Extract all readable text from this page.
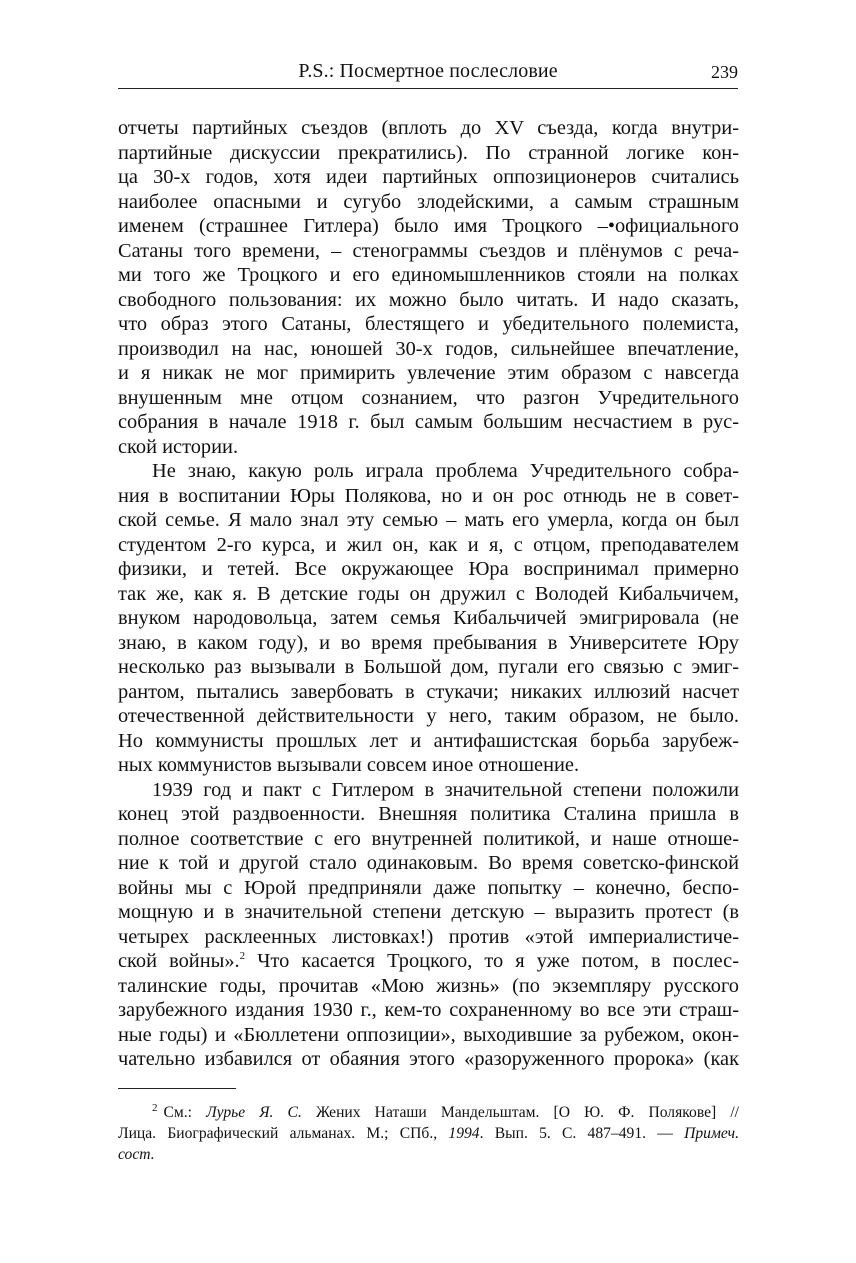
P.S.: Посмертное послесловие	239
отчеты партийных съездов (вплоть до XV съезда, когда внутри-
партийные дискуссии прекратились). По странной логике кон-
ца 30-х годов, хотя идеи партийных оппозиционеров считались
наиболее опасными и сугубо злодейскими, а самым страшным
именем (страшнее Гитлера) было имя Троцкого –•официального
Сатаны того времени, – стенограммы съездов и плёнумов с реча-
ми того же Троцкого и его единомышленников стояли на полках
свободного пользования: их можно было читать. И надо сказать,
что образ этого Сатаны, блестящего и убедительного полемиста,
производил на нас, юношей 30-х годов, сильнейшее впечатление,
и я никак не мог примирить увлечение этим образом с навсегда
внушенным мне отцом сознанием, что разгон Учредительного
собрания в начале 1918 г. был самым большим несчастием в рус-
ской истории.
Не знаю, какую роль играла проблема Учредительного собра-
ния в воспитании Юры Полякова, но и он рос отнюдь не в совет-
ской семье. Я мало знал эту семью – мать его умерла, когда он был
студентом 2-го курса, и жил он, как и я, с отцом, преподавателем
физики, и тетей. Все окружающее Юра воспринимал примерно
так же, как я. В детские годы он дружил с Володей Кибальчичем,
внуком народовольца, затем семья Кибальчичей эмигрировала (не
знаю, в каком году), и во время пребывания в Университете Юру
несколько раз вызывали в Большой дом, пугали его связью с эмиг-
рантом, пытались завербовать в стукачи; никаких иллюзий насчет
отечественной действительности у него, таким образом, не было.
Но коммунисты прошлых лет и антифашистская борьба зарубеж-
ных коммунистов вызывали совсем иное отношение.
1939 год и пакт с Гитлером в значительной степени положили
конец этой раздвоенности. Внешняя политика Сталина пришла в
полное соответствие с его внутренней политикой, и наше отноше-
ние к той и другой стало одинаковым. Во время советско-финской
войны мы с Юрой предприняли даже попытку – конечно, беспо-
мощную и в значительной степени детскую – выразить протест (в
четырех расклеенных листовках!) против «этой империалистиче-
ской войны».$^2$ Что касается Троцкого, то я уже потом, в послес-
талинские годы, прочитав «Мою жизнь» (по экземпляру русского
зарубежного издания 1930 г., кем-то сохраненному во все эти страш-
ные годы) и «Бюллетени оппозиции», выходившие за рубежом, окон-
чательно избавился от обаяния этого «разоруженного пророка» (как
$^2$ См.: Лурье Я. С. Жених Наташи Мандельштам. [О Ю. Ф. Полякове] //
Лица. Биографический альманах. М.; СПб., 1994. Вып. 5. С. 487–491. — Примеч.
сост.
